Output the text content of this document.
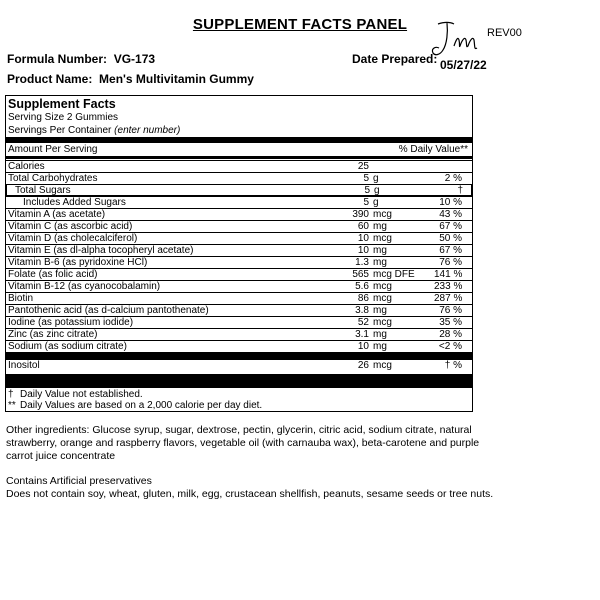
SUPPLEMENT FACTS PANEL
Formula Number: VG-173	Date Prepared: 05/27/22
REV00
Product Name: Men's Multivitamin Gummy
Supplement Facts
Serving Size 2 Gummies
Servings Per Container (enter number)
Amount Per Serving	% Daily Value**
Calories	25
Total Carbohydrates	5 g	2 %
Total Sugars	5 g	†
Includes Added Sugars	5 g	10 %
Vitamin A (as acetate)	390 mcg	43 %
Vitamin C (as ascorbic acid)	60 mg	67 %
Vitamin D (as cholecalciferol)	10 mcg	50 %
Vitamin E (as dl-alpha tocopheryl acetate)	10 mg	67 %
Vitamin B-6 (as pyridoxine HCl)	1.3 mg	76 %
Folate (as folic acid)	565 mcg DFE 141 %
Vitamin B-12 (as cyanocobalamin)	5.6 mcg	233 %
Biotin	86 mcg	287 %
Pantothenic acid (as d-calcium pantothenate)	3.8 mg	76 %
Iodine (as potassium iodide)	52 mcg	35 %
Zinc (as zinc citrate)	3.1 mg	28 %
Sodium (as sodium citrate)	10 mg	<2 %
Inositol	26 mcg	† %
† Daily Value not established.
** Daily Values are based on a 2,000 calorie per day diet.
Other ingredients: Glucose syrup, sugar, dextrose, pectin, glycerin, citric acid, sodium citrate, natural strawberry, orange and raspberry flavors, vegetable oil (with carnauba wax), beta-carotene and purple carrot juice concentrate
Contains Artificial preservatives
Does not contain soy, wheat, gluten, milk, egg, crustacean shellfish, peanuts, sesame seeds or tree nuts.
